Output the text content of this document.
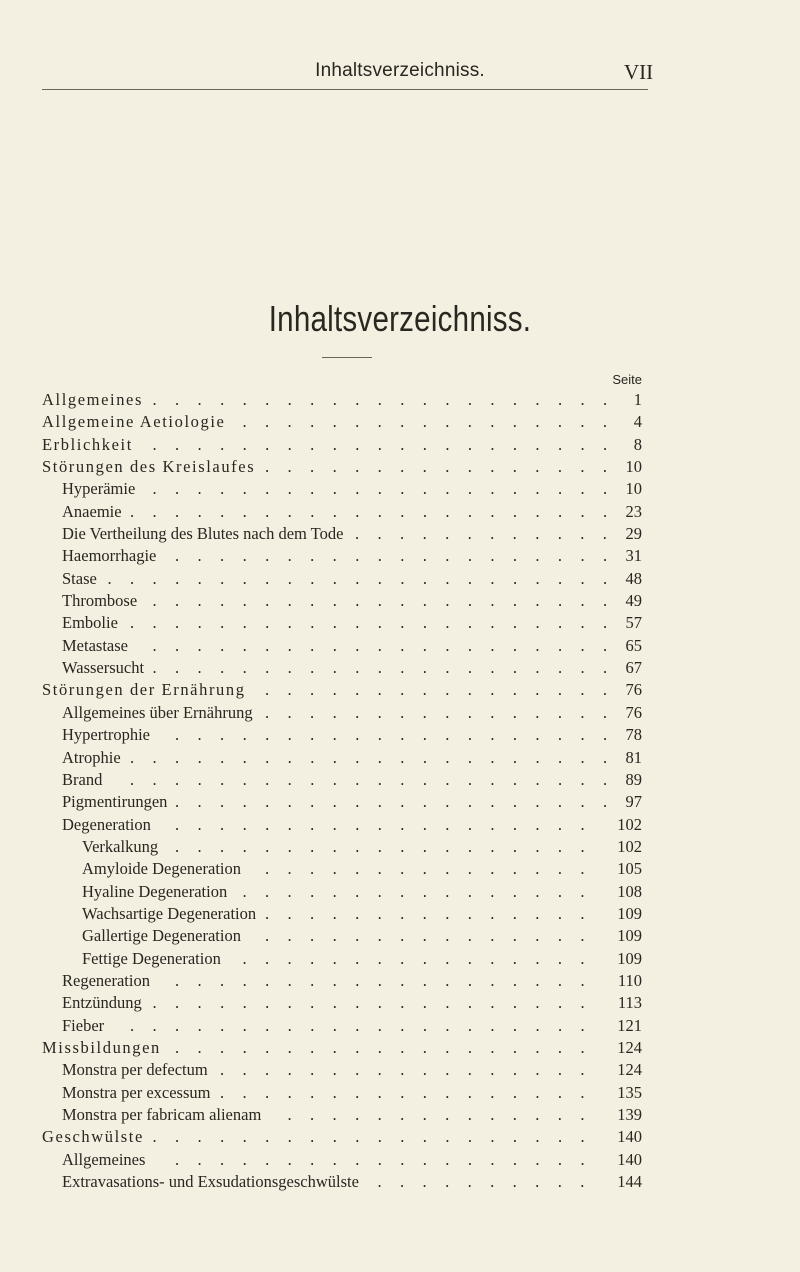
Inhaltsverzeichniss.	VII
Inhaltsverzeichniss.
Seite
Allgemeines ..................... 1
Allgemeine Aetiologie ................. 4
Erblichkeit ..................... 8
Störungen des Kreislaufes ................ 10
Hyperämie ..................... 10
Anaemie ...................... 23
Die Vertheilung des Blutes nach dem Tode ............ 29
Haemorrhagie .................... 31
Stase ....................... 48
Thrombose ..................... 49
Embolie ...................... 57
Metastase ..................... 65
Wassersucht ..................... 67
Störungen der Ernährung ................ 76
Allgemeines über Ernährung ................ 76
Hypertrophie .................... 78
Atrophie ...................... 81
Brand ...................... 89
Pigmentirungen .................... 97
Degeneration ................... 102
Verkalkung ................... 102
Amyloide Degeneration ............... 105
Hyaline Degeneration ................ 108
Wachsartige Degeneration ............... 109
Gallertige Degeneration ............... 109
Fettige Degeneration ................ 109
Regeneration ................... 110
Entzündung .................... 113
Fieber ..................... 121
Missbildungen ................... 124
Monstra per defectum ................. 124
Monstra per excessum ................. 135
Monstra per fabricam alienam .............. 139
Geschwülste .................... 140
Allgemeines ................... 140
Extravasations- und Exsudationsgeschwülste .......... 144
